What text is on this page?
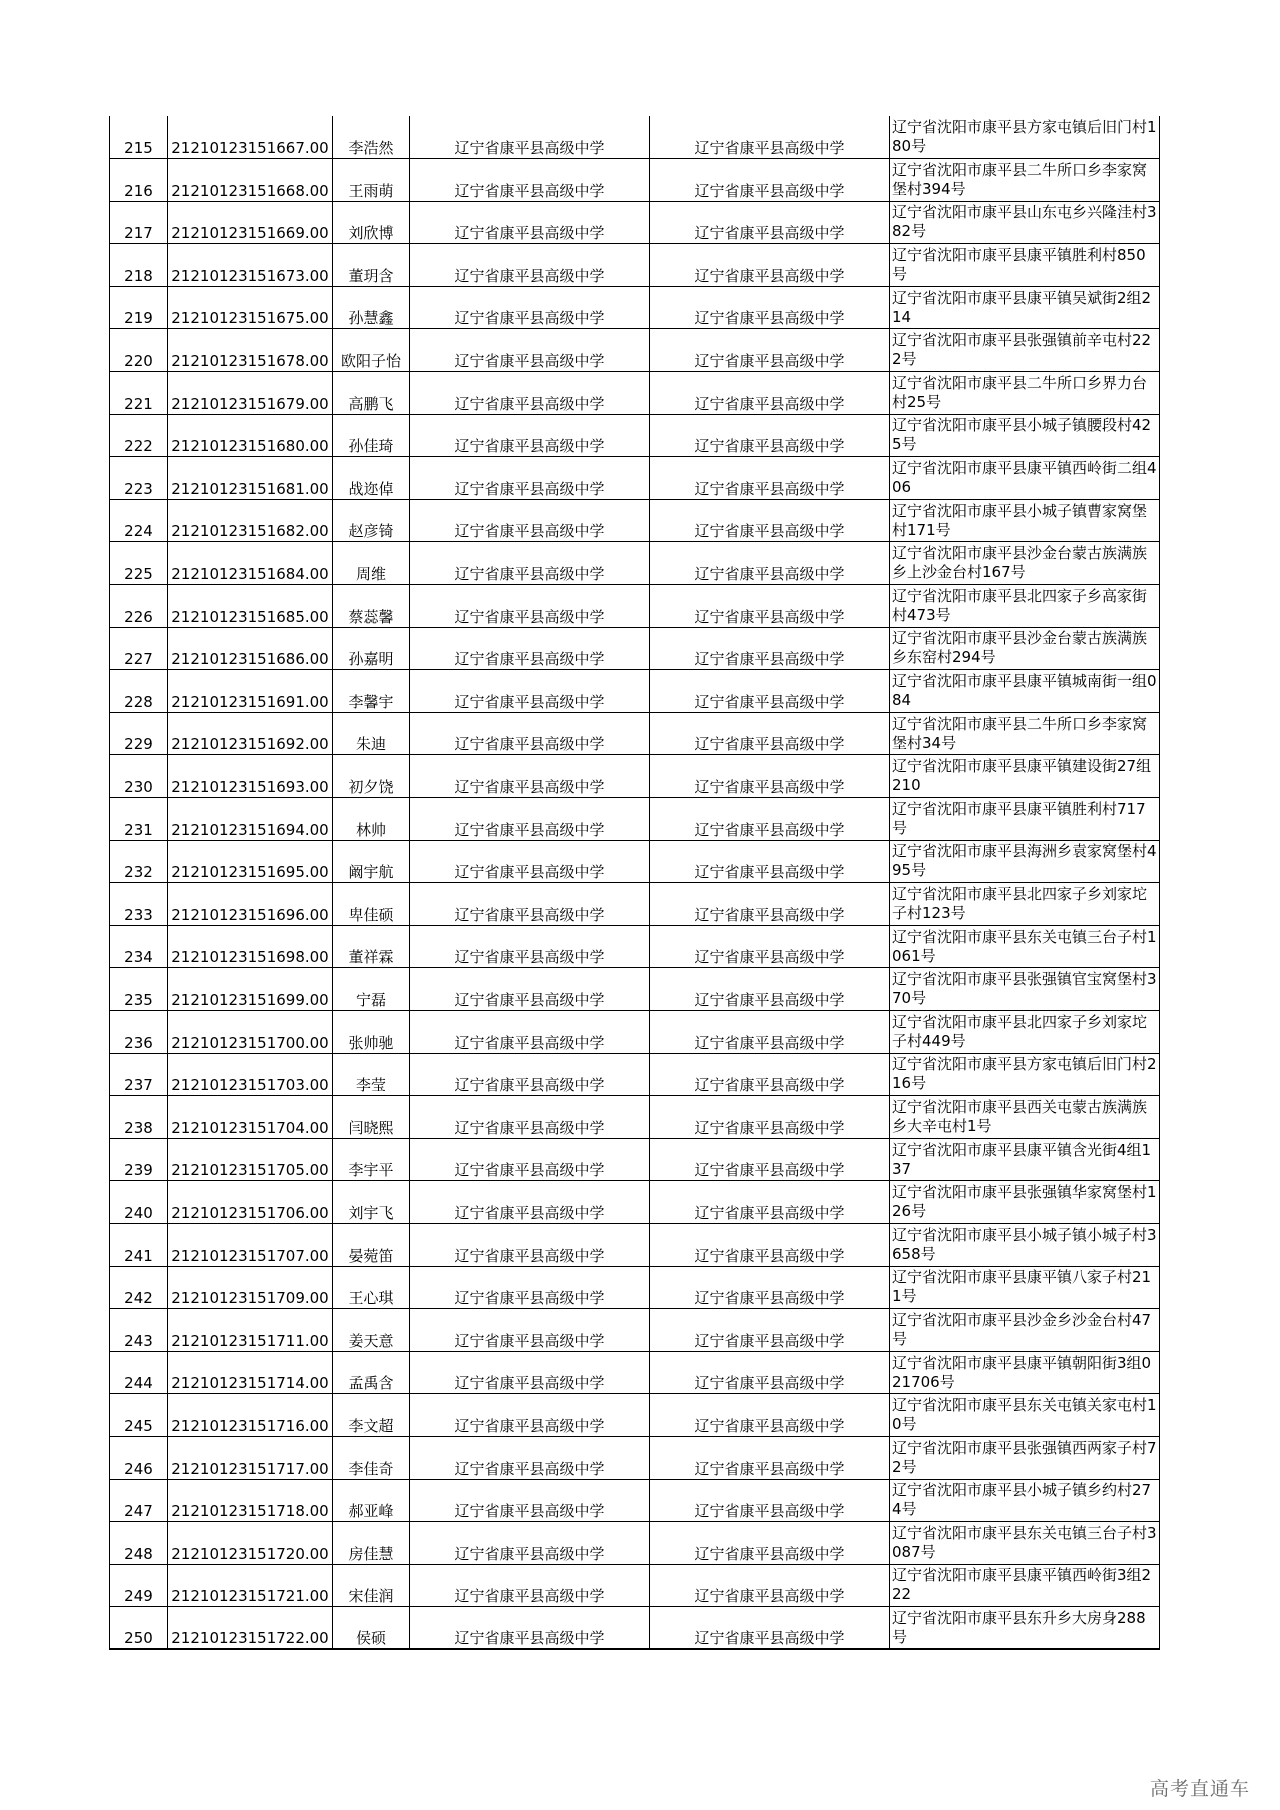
215	21210123151667.00	李浩然	辽宁省康平县高级中学	辽宁省康平县高级中学	辽宁省沈阳市康平县方家屯镇后旧门村180号
216	21210123151668.00	王雨萌	辽宁省康平县高级中学	辽宁省康平县高级中学	辽宁省沈阳市康平县二牛所口乡李家窝堡村394号
217	21210123151669.00	刘欣博	辽宁省康平县高级中学	辽宁省康平县高级中学	辽宁省沈阳市康平县山东屯乡兴隆洼村382号
218	21210123151673.00	董玥含	辽宁省康平县高级中学	辽宁省康平县高级中学	辽宁省沈阳市康平县康平镇胜利村850号
219	21210123151675.00	孙慧鑫	辽宁省康平县高级中学	辽宁省康平县高级中学	辽宁省沈阳市康平县康平镇吴斌街2组214
220	21210123151678.00	欧阳子怡	辽宁省康平县高级中学	辽宁省康平县高级中学	辽宁省沈阳市康平县张强镇前辛屯村222号
221	21210123151679.00	高鹏飞	辽宁省康平县高级中学	辽宁省康平县高级中学	辽宁省沈阳市康平县二牛所口乡界力台村25号
222	21210123151680.00	孙佳琦	辽宁省康平县高级中学	辽宁省康平县高级中学	辽宁省沈阳市康平县小城子镇腰段村425号
223	21210123151681.00	战迩倬	辽宁省康平县高级中学	辽宁省康平县高级中学	辽宁省沈阳市康平县康平镇西岭街二组406
224	21210123151682.00	赵彦锜	辽宁省康平县高级中学	辽宁省康平县高级中学	辽宁省沈阳市康平县小城子镇曹家窝堡村171号
225	21210123151684.00	周维	辽宁省康平县高级中学	辽宁省康平县高级中学	辽宁省沈阳市康平县沙金台蒙古族满族乡上沙金台村167号
226	21210123151685.00	蔡蕊馨	辽宁省康平县高级中学	辽宁省康平县高级中学	辽宁省沈阳市康平县北四家子乡高家街村473号
227	21210123151686.00	孙嘉明	辽宁省康平县高级中学	辽宁省康平县高级中学	辽宁省沈阳市康平县沙金台蒙古族满族乡东窑村294号
228	21210123151691.00	李馨宇	辽宁省康平县高级中学	辽宁省康平县高级中学	辽宁省沈阳市康平县康平镇城南街一组084
229	21210123151692.00	朱迪	辽宁省康平县高级中学	辽宁省康平县高级中学	辽宁省沈阳市康平县二牛所口乡李家窝堡村34号
230	21210123151693.00	初夕饶	辽宁省康平县高级中学	辽宁省康平县高级中学	辽宁省沈阳市康平县康平镇建设街27组210
231	21210123151694.00	林帅	辽宁省康平县高级中学	辽宁省康平县高级中学	辽宁省沈阳市康平县康平镇胜利村717号
232	21210123151695.00	阚宇航	辽宁省康平县高级中学	辽宁省康平县高级中学	辽宁省沈阳市康平县海洲乡袁家窝堡村495号
233	21210123151696.00	卑佳硕	辽宁省康平县高级中学	辽宁省康平县高级中学	辽宁省沈阳市康平县北四家子乡刘家坨子村123号
234	21210123151698.00	董祥霖	辽宁省康平县高级中学	辽宁省康平县高级中学	辽宁省沈阳市康平县东关屯镇三台子村1061号
235	21210123151699.00	宁磊	辽宁省康平县高级中学	辽宁省康平县高级中学	辽宁省沈阳市康平县张强镇官宝窝堡村370号
236	21210123151700.00	张帅驰	辽宁省康平县高级中学	辽宁省康平县高级中学	辽宁省沈阳市康平县北四家子乡刘家坨子村449号
237	21210123151703.00	李莹	辽宁省康平县高级中学	辽宁省康平县高级中学	辽宁省沈阳市康平县方家屯镇后旧门村216号
238	21210123151704.00	闫晓熙	辽宁省康平县高级中学	辽宁省康平县高级中学	辽宁省沈阳市康平县西关屯蒙古族满族乡大辛屯村1号
239	21210123151705.00	李宇平	辽宁省康平县高级中学	辽宁省康平县高级中学	辽宁省沈阳市康平县康平镇含光街4组137
240	21210123151706.00	刘宇飞	辽宁省康平县高级中学	辽宁省康平县高级中学	辽宁省沈阳市康平县张强镇华家窝堡村126号
241	21210123151707.00	晏菀笛	辽宁省康平县高级中学	辽宁省康平县高级中学	辽宁省沈阳市康平县小城子镇小城子村3658号
242	21210123151709.00	王心琪	辽宁省康平县高级中学	辽宁省康平县高级中学	辽宁省沈阳市康平县康平镇八家子村211号
243	21210123151711.00	姜天意	辽宁省康平县高级中学	辽宁省康平县高级中学	辽宁省沈阳市康平县沙金乡沙金台村47号
244	21210123151714.00	孟禹含	辽宁省康平县高级中学	辽宁省康平县高级中学	辽宁省沈阳市康平县康平镇朝阳街3组021706号
245	21210123151716.00	李文超	辽宁省康平县高级中学	辽宁省康平县高级中学	辽宁省沈阳市康平县东关屯镇关家屯村10号
246	21210123151717.00	李佳奇	辽宁省康平县高级中学	辽宁省康平县高级中学	辽宁省沈阳市康平县张强镇西两家子村72号
247	21210123151718.00	郝亚峰	辽宁省康平县高级中学	辽宁省康平县高级中学	辽宁省沈阳市康平县小城子镇乡约村274号
248	21210123151720.00	房佳慧	辽宁省康平县高级中学	辽宁省康平县高级中学	辽宁省沈阳市康平县东关屯镇三台子村3087号
249	21210123151721.00	宋佳润	辽宁省康平县高级中学	辽宁省康平县高级中学	辽宁省沈阳市康平县康平镇西岭街3组222
250	21210123151722.00	侯硕	辽宁省康平县高级中学	辽宁省康平县高级中学	辽宁省沈阳市康平县东升乡大房身288号
高考直通车
